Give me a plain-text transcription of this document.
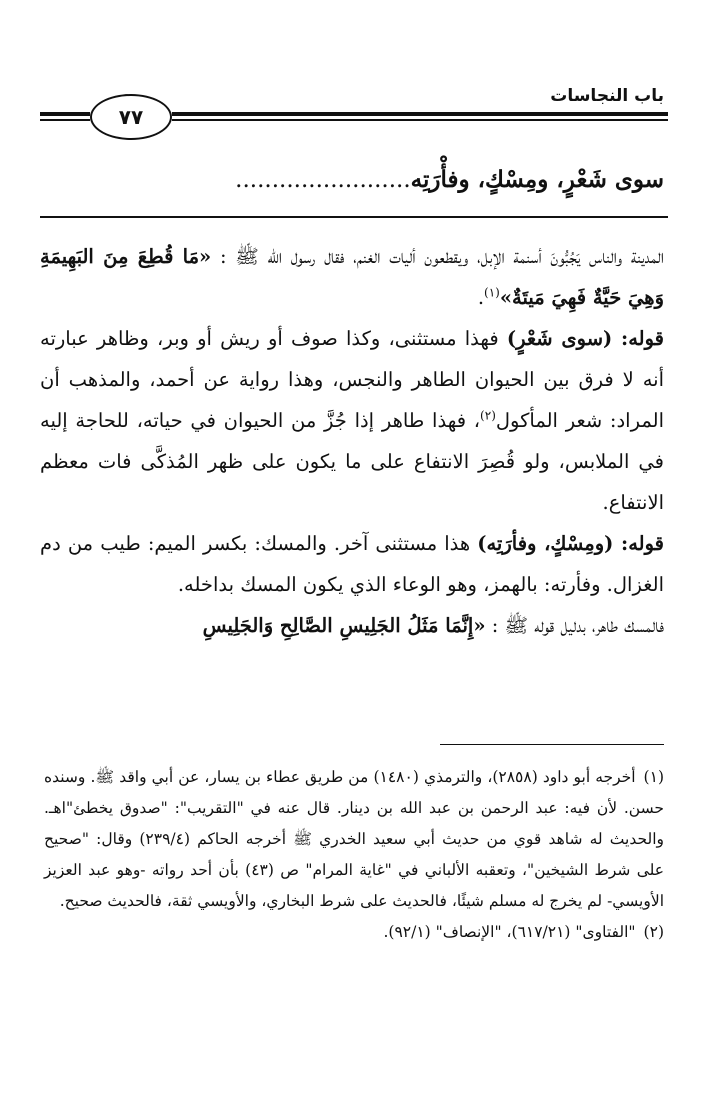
باب النجاسات
٧٧
سوى شَعْرٍ، ومِسْكٍ، وفأْرَتِه........................

المدينة والناس يَجُبُّونَ أسنمة الإبل، ويقطعون أليات الغنم، فقال رسول الله ﷺ : «مَا قُطِعَ مِنَ البَهِيمَةِ وَهِيَ حَيَّةٌ فَهِيَ مَيتَةٌ»$^{(١)}$.

قوله: (سوى شَعْرٍ) فهذا مستثنى، وكذا صوف أو ريش أو وبر، وظاهر عبارته أنه لا فرق بين الحيوان الطاهر والنجس، وهذا رواية عن أحمد، والمذهب أن المراد: شعر المأكول$^{(٢)}$، فهذا طاهر إذا جُزَّ من الحيوان في حياته، للحاجة إليه في الملابس، ولو قُصِرَ الانتفاع على ما يكون على ظهر المُذكَّى فات معظم الانتفاع.

قوله: (ومِسْكٍ، وفأرَتِه) هذا مستثنى آخر. والمسك: بكسر الميم: طيب من دم الغزال. وفأرته: بالهمز، وهو الوعاء الذي يكون المسك بداخله.

فالمسك طاهر، بدليل قوله ﷺ : «إِنَّمَا مَثَلُ الجَلِيسِ الصَّالِحِ وَالجَلِيسِ

(١)أخرجه أبو داود (٢٨٥٨)، والترمذي (١٤٨٠) من طريق عطاء بن يسار، عن أبي واقد ﷺ. وسنده حسن. لأن فيه: عبد الرحمن بن عبد الله بن دينار. قال عنه في "التقريب": "صدوق يخطئ"اهـ. والحديث له شاهد قوي من حديث أبي سعيد الخدري ﷺ أخرجه الحاكم (٢٣٩/٤) وقال: "صحيح على شرط الشيخين"، وتعقبه الألباني في "غاية المرام" ص (٤٣) بأن أحد رواته -وهو عبد العزيز الأويسي- لم يخرج له مسلم شيئًا، فالحديث على شرط البخاري، والأويسي ثقة، فالحديث صحيح.

(٢)"الفتاوى" (٦١٧/٢١)، "الإنصاف" (٩٢/١).
